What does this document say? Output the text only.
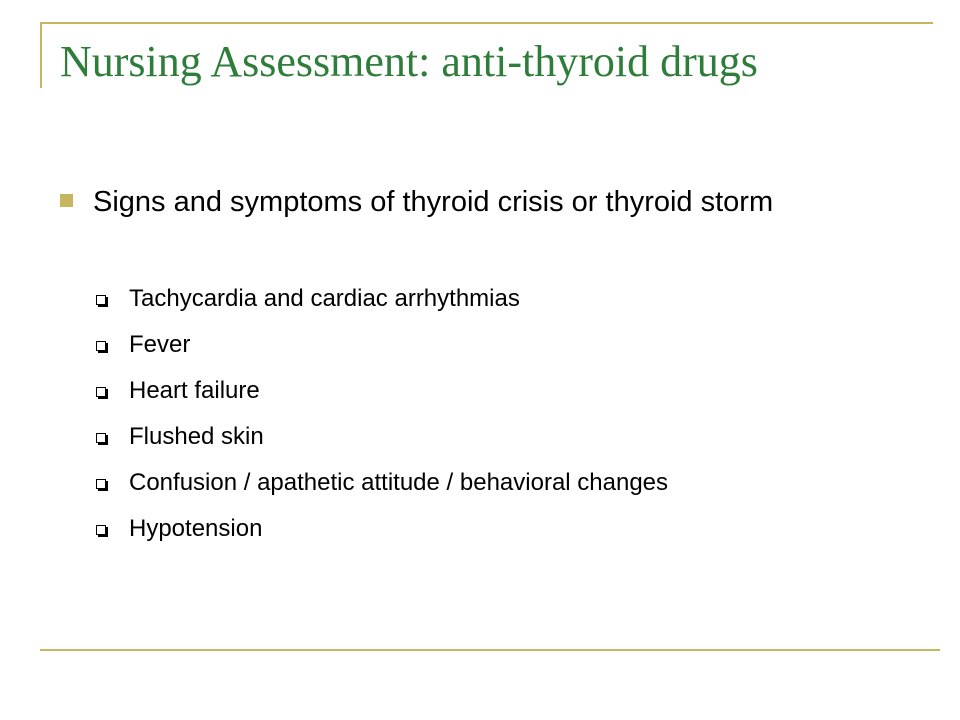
Nursing Assessment: anti-thyroid drugs
Signs and symptoms of thyroid crisis or thyroid storm
Tachycardia and cardiac arrhythmias
Fever
Heart failure
Flushed skin
Confusion / apathetic attitude / behavioral changes
Hypotension
